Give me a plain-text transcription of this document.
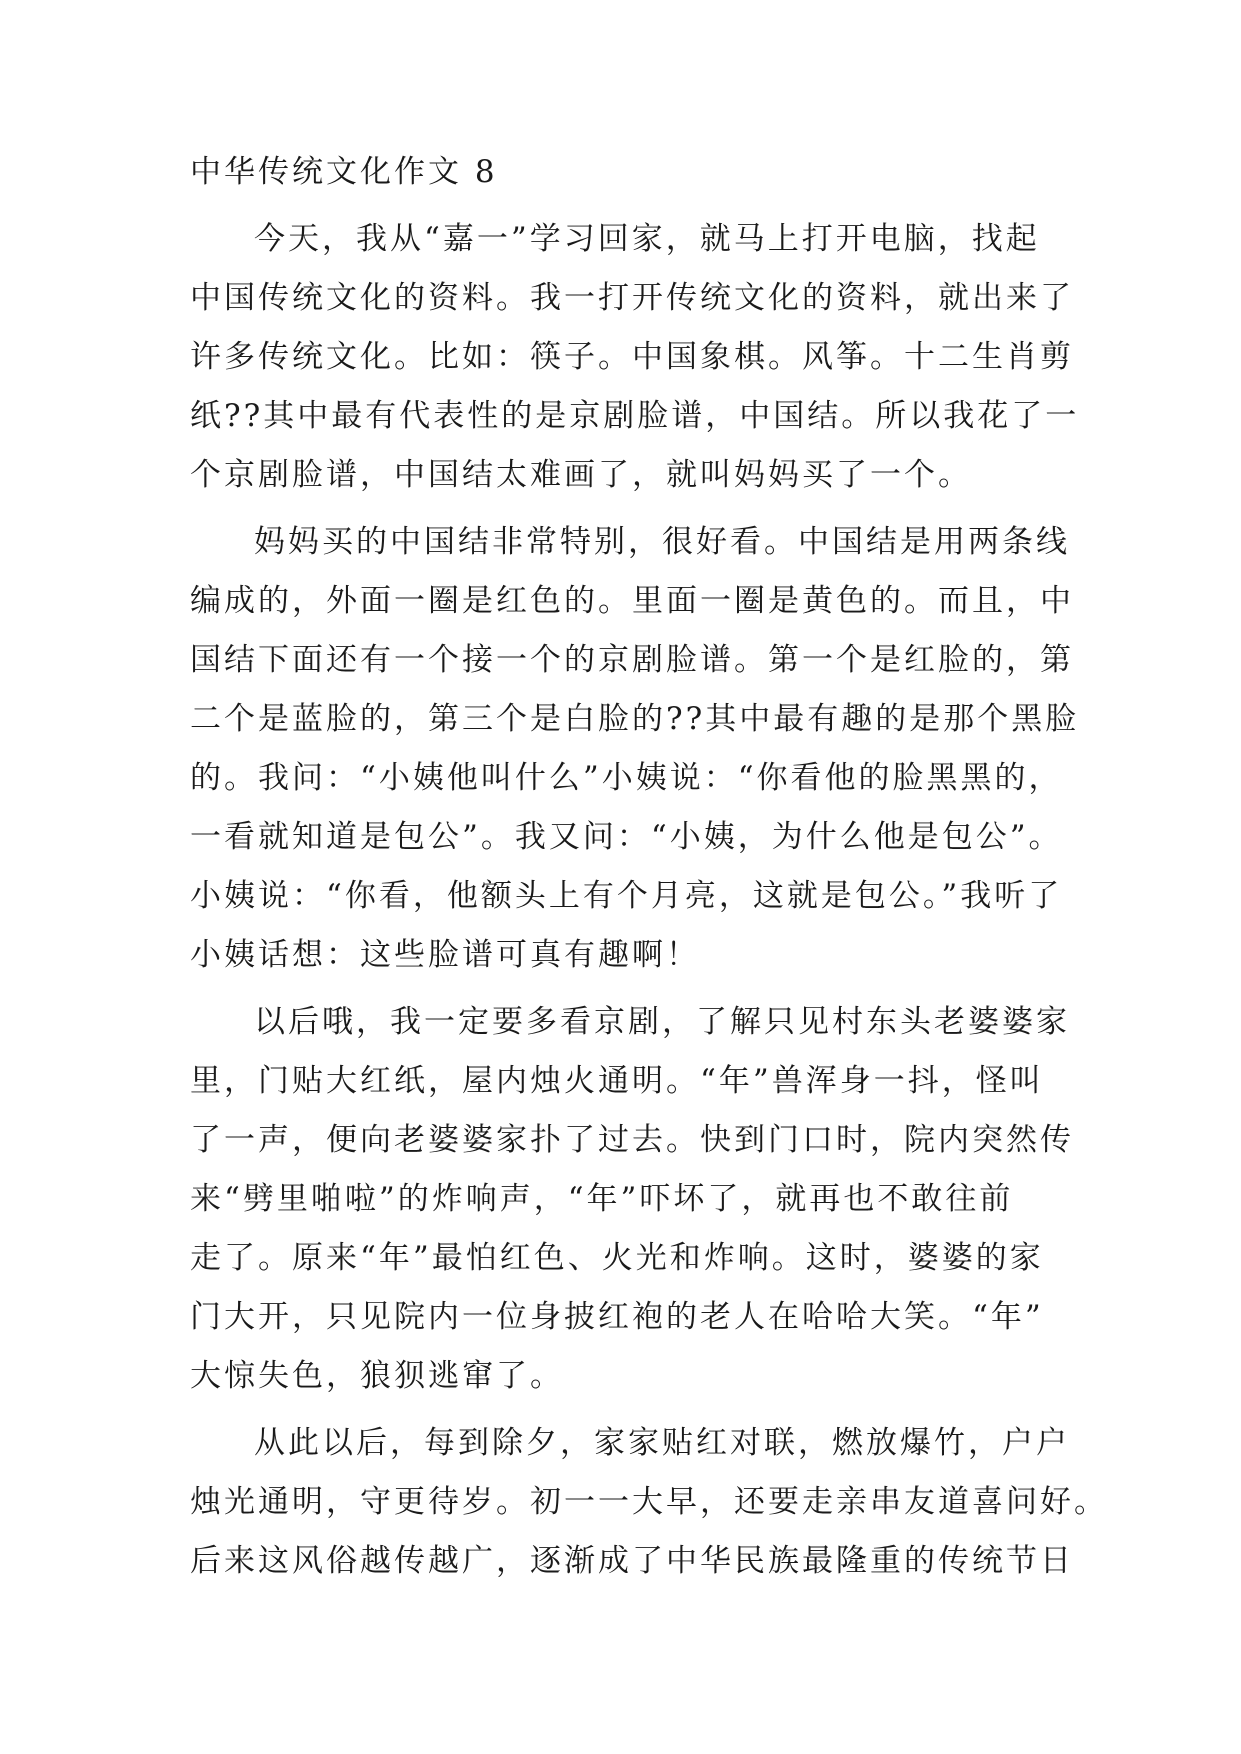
中华传统文化作文 8
今天，我从“嘉一”学习回家，就马上打开电脑，找起
中国传统文化的资料。我一打开传统文化的资料，就出来了
许多传统文化。比如：筷子。中国象棋。风筝。十二生肖剪
纸??其中最有代表性的是京剧脸谱，中国结。所以我花了一
个京剧脸谱，中国结太难画了，就叫妈妈买了一个。
妈妈买的中国结非常特别，很好看。中国结是用两条线
编成的，外面一圈是红色的。里面一圈是黄色的。而且，中
国结下面还有一个接一个的京剧脸谱。第一个是红脸的，第
二个是蓝脸的，第三个是白脸的??其中最有趣的是那个黑脸
的。我问：“小姨他叫什么”小姨说：“你看他的脸黑黑的，
一看就知道是包公”。我又问：“小姨，为什么他是包公”。
小姨说：“你看，他额头上有个月亮，这就是包公。”我听了
小姨话想：这些脸谱可真有趣啊！
以后哦，我一定要多看京剧，了解只见村东头老婆婆家
里，门贴大红纸，屋内烛火通明。“年”兽浑身一抖，怪叫
了一声，便向老婆婆家扑了过去。快到门口时，院内突然传
来“劈里啪啦”的炸响声，“年”吓坏了，就再也不敢往前
走了。原来“年”最怕红色、火光和炸响。这时，婆婆的家
门大开，只见院内一位身披红袍的老人在哈哈大笑。“年”
大惊失色，狼狈逃窜了。
从此以后，每到除夕，家家贴红对联，燃放爆竹，户户
烛光通明，守更待岁。初一一大早，还要走亲串友道喜问好。
后来这风俗越传越广，逐渐成了中华民族最隆重的传统节日
